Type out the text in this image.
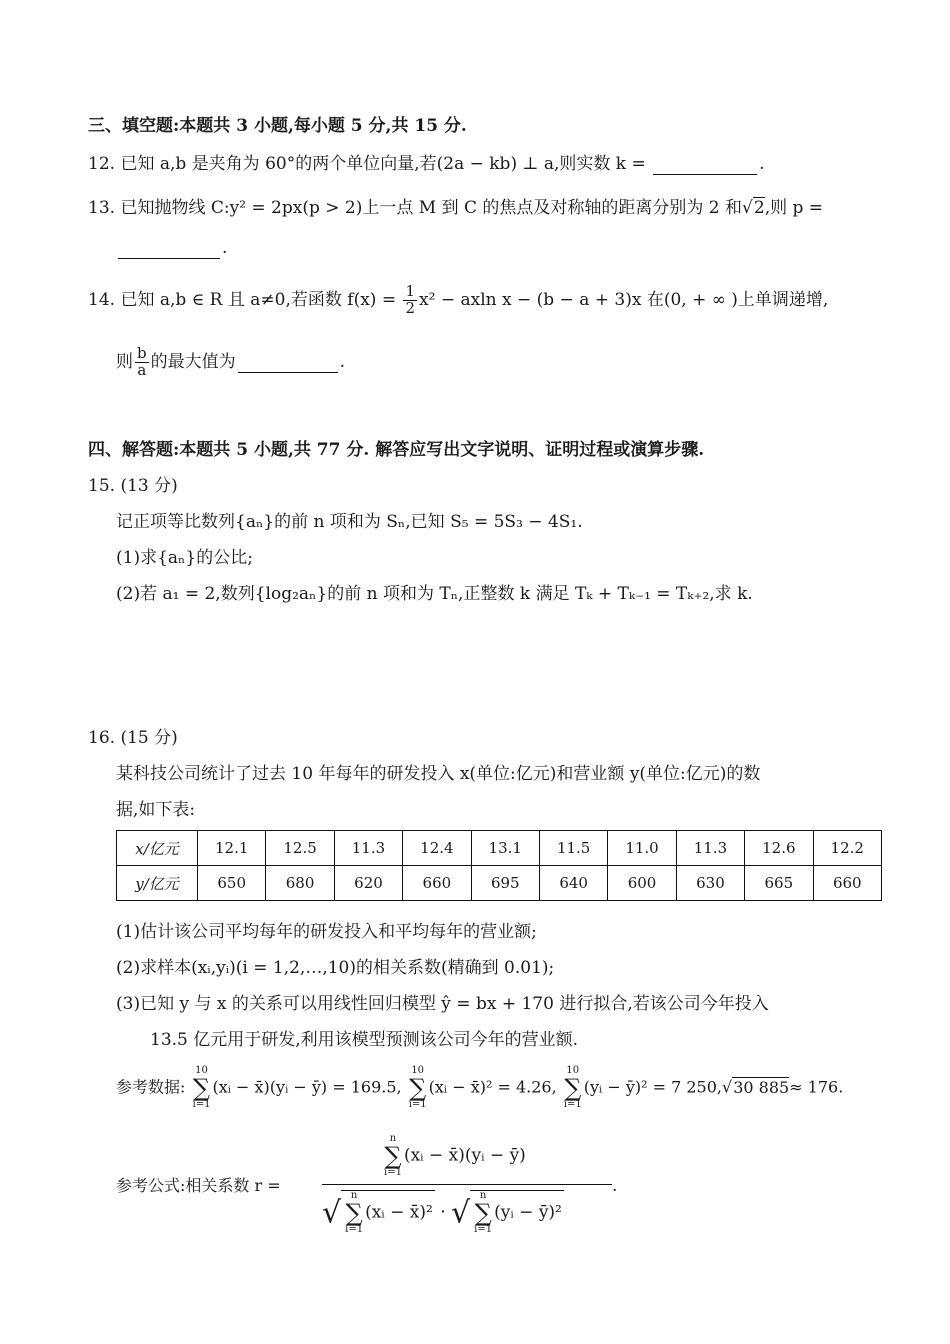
三、填空题:本题共 3 小题,每小题 5 分,共 15 分.
12. 已知 a,b 是夹角为 60°的两个单位向量,若(2a − kb) ⊥ a,则实数 k =	.
13. 已知抛物线 C:y² = 2px(p > 2)上一点 M 到 C 的焦点及对称轴的距离分别为 2 和√2,则 p =
.
14. 已知 a,b ∈ R 且 a≠0,若函数 $f(x) = \frac{1}{2} x^2 - axln$ x − (b − a + 3)x 在(0, + ∞ )上单调递增,
则 $\frac{b}{a}$ 的最大值为	.
四、解答题:本题共 5 小题,共 77 分. 解答应写出文字说明、证明过程或演算步骤.
15. (13 分)
记正项等比数列{aₙ}的前 n 项和为 Sₙ,已知 S₅ = 5S₃ − 4S₁.
(1)求{aₙ}的公比;
(2)若 a₁ = 2,数列{log₂aₙ}的前 n 项和为 Tₙ,正整数 k 满足 Tₖ + Tₖ₋₁ = Tₖ₊₂,求 k.
16. (15 分)
某科技公司统计了过去 10 年每年的研发投入 x(单位:亿元)和营业额 y(单位:亿元)的数
据,如下表:
x/亿元	12.1	12.5	11.3	12.4	13.1	11.5	11.0	11.3	12.6	12.2
y/亿元	650	680	620	660	695	640	600	630	665	660
(1)估计该公司平均每年的研发投入和平均每年的营业额;
(2)求样本(xᵢ,yᵢ)(i = 1,2,…,10)的相关系数(精确到 0.01);
(3)已知 y 与 x 的关系可以用线性回归模型 ŷ = bx + 170 进行拟合,若该公司今年投入
13.5 亿元用于研发,利用该模型预测该公司今年的营业额.
参考数据:
10
∑
i=1
(xᵢ − x̄)(yᵢ − ȳ) = 169.5,
10
∑
i=1
(xᵢ − x̄)² = 4.26,
10
∑
i=1
(yᵢ − ȳ)² = 7 250,√30 885≈ 176.
参考公式:相关系数 r =
n
∑
i=1
(xᵢ − x̄)(yᵢ − ȳ)
√ n
∑
i=1
(xᵢ − x̄)² · √ n
∑
i=1
(yᵢ − ȳ)²
.
